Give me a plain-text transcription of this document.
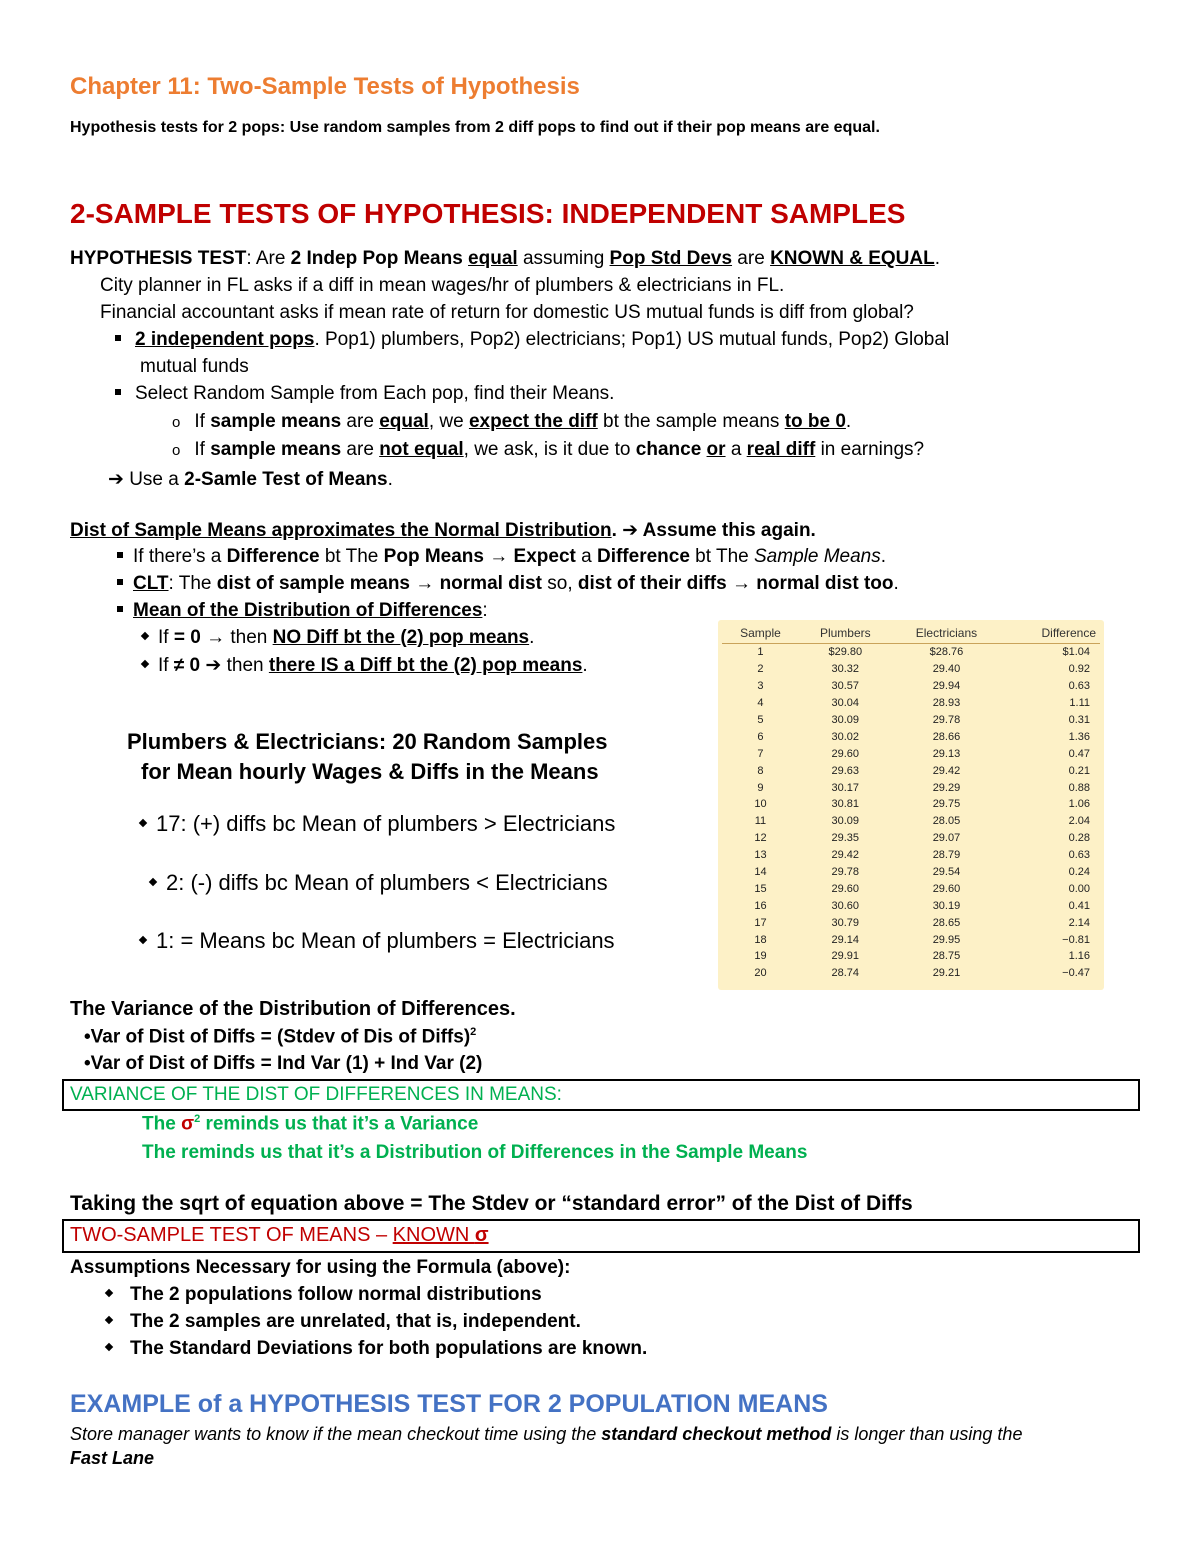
Chapter 11: Two-Sample Tests of Hypothesis
Hypothesis tests for 2 pops: Use random samples from 2 diff pops to find out if their pop means are equal.
2-SAMPLE TESTS OF HYPOTHESIS: INDEPENDENT SAMPLES
HYPOTHESIS TEST: Are 2 Indep Pop Means equal assuming Pop Std Devs are KNOWN & EQUAL.
City planner in FL asks if a diff in mean wages/hr of plumbers & electricians in FL.
Financial accountant asks if mean rate of return for domestic US mutual funds is diff from global?
2 independent pops. Pop1) plumbers, Pop2) electricians; Pop1) US mutual funds, Pop2) Global
mutual funds
Select Random Sample from Each pop, find their Means.
o If sample means are equal, we expect the diff bt the sample means to be 0.
o If sample means are not equal, we ask, is it due to chance or a real diff in earnings?
➔ Use a 2-Samle Test of Means.
Dist of Sample Means approximates the Normal Distribution. ➔ Assume this again.
If there’s a Difference bt The Pop Means → Expect a Difference bt The Sample Means.
CLT: The dist of sample means → normal dist so, dist of their diffs → normal dist too.
Mean of the Distribution of Differences:
If = 0 → then NO Diff bt the (2) pop means.
If ≠ 0 ➔ then there IS a Diff bt the (2) pop means.
Plumbers & Electricians: 20 Random Samples
for Mean hourly Wages & Diffs in the Means
17: (+) diffs bc Mean of plumbers > Electricians
2: (-) diffs bc Mean of plumbers < Electricians
1: = Means bc Mean of plumbers = Electricians
Sample	Plumbers	Electricians	Difference
1	$29.80	$28.76	$1.04
2	30.32	29.40	0.92
3	30.57	29.94	0.63
4	30.04	28.93	1.11
5	30.09	29.78	0.31
6	30.02	28.66	1.36
7	29.60	29.13	0.47
8	29.63	29.42	0.21
9	30.17	29.29	0.88
10	30.81	29.75	1.06
11	30.09	28.05	2.04
12	29.35	29.07	0.28
13	29.42	28.79	0.63
14	29.78	29.54	0.24
15	29.60	29.60	0.00
16	30.60	30.19	0.41
17	30.79	28.65	2.14
18	29.14	29.95	−0.81
19	29.91	28.75	1.16
20	28.74	29.21	−0.47
The Variance of the Distribution of Differences.
•Var of Dist of Diffs = (Stdev of Dis of Diffs)$^2$
•Var of Dist of Diffs = Ind Var (1) + Ind Var (2)
VARIANCE OF THE DIST OF DIFFERENCES IN MEANS:
The $\sigma^2$ reminds us that it’s a Variance
The reminds us that it’s a Distribution of Differences in the Sample Means
Taking the sqrt of equation above = The Stdev or “standard error” of the Dist of Diffs
TWO-SAMPLE TEST OF MEANS – KNOWN σ
Assumptions Necessary for using the Formula (above):
The 2 populations follow normal distributions
The 2 samples are unrelated, that is, independent.
The Standard Deviations for both populations are known.
EXAMPLE of a HYPOTHESIS TEST FOR 2 POPULATION MEANS
Store manager wants to know if the mean checkout time using the standard checkout method is longer than using the
Fast Lane
